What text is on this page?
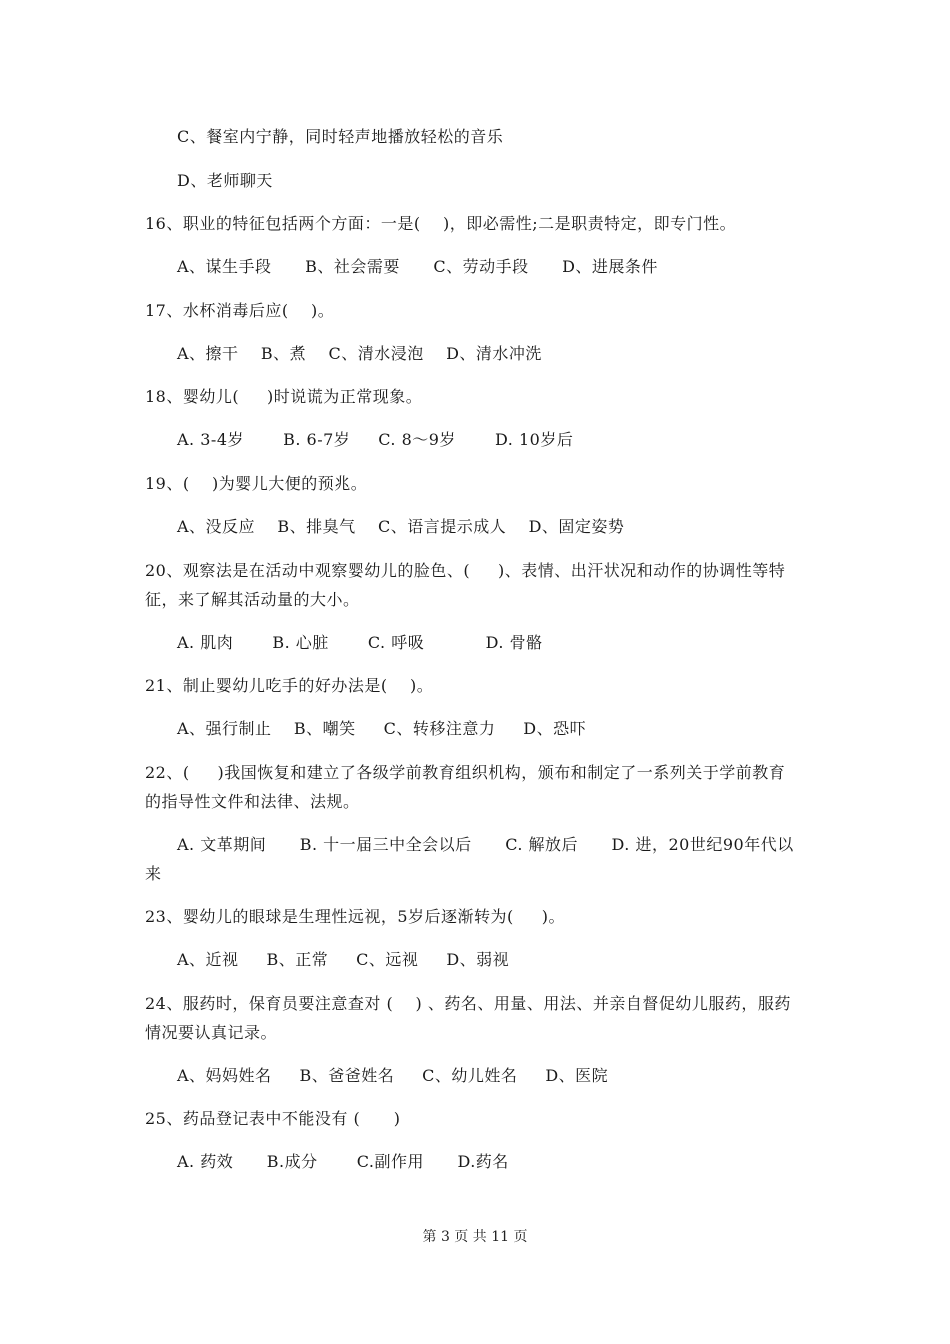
C、餐室内宁静，同时轻声地播放轻松的音乐
D、老师聊天
16、职业的特征包括两个方面：一是(    )，即必需性;二是职责特定，即专门性。
A、谋生手段      B、社会需要      C、劳动手段      D、进展条件
17、水杯消毒后应(    )。
A、擦干    B、煮    C、清水浸泡    D、清水冲洗
18、婴幼儿(     )时说谎为正常现象。
A. 3-4岁       B. 6-7岁     C. 8～9岁       D. 10岁后
19、(    )为婴儿大便的预兆。
A、没反应    B、排臭气    C、语言提示成人    D、固定姿势
20、观察法是在活动中观察婴幼儿的脸色、(     )、表情、出汗状况和动作的协调性等特
征，来了解其活动量的大小。
A. 肌肉       B. 心脏       C. 呼吸           D. 骨骼
21、制止婴幼儿吃手的好办法是(    )。
A、强行制止    B、嘲笑     C、转移注意力     D、恐吓
22、(     )我国恢复和建立了各级学前教育组织机构，颁布和制定了一系列关于学前教育
的指导性文件和法律、法规。
A. 文革期间      B. 十一届三中全会以后      C. 解放后      D. 进，20世纪90年代以
来
23、婴幼儿的眼球是生理性远视，5岁后逐渐转为(     )。
A、近视     B、正常     C、远视     D、弱视
24、服药时，保育员要注意查对 (    ) 、药名、用量、用法、并亲自督促幼儿服药，服药
情况要认真记录。
A、妈妈姓名     B、爸爸姓名     C、幼儿姓名     D、医院
25、药品登记表中不能没有 (      )
A. 药效      B.成分       C.副作用      D.药名
第 3 页 共 11 页
